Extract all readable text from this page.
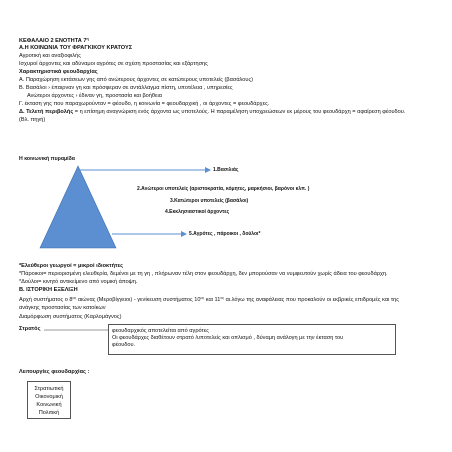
ΚΕΦΑΛΑΙΟ 2 ΕΝΟΤΗΤΑ $7^\eta$
Α.Η ΚΟΙΝΩΝΙΑ ΤΟΥ ΦΡΑΓΚΙΚΟΥ ΚΡΑΤΟΥΣ
Αγροτική και αναξιοφιλής
Ισχυροί άρχοντες και αδύναμοι αγρότες σε σχέση προστασίας και εξάρτησης
Χαρακτηριστικά φεουδαρχίας
Α. Παραχώρηση εκτάσεων γης από ανώτερους άρχοντες σε κατώτερους υποτελείς (βασάλους)
Β. Βασάλοι › έπαιρναν γη και πρόσφεραν σε αντάλλαγμα πίστη, υποτέλεια , υπηρεσίες
Ανώτεροι άρχοντες › έδιναν γη, προστασία και βοήθεια
Γ. έκταση γης που παραχωρούνταν = φέουδο, η κοινωνία = φεουδαρχική , οι άρχοντες = φεουδάρχες.
Δ. Τελετή περιβολής = η επίσημη αναγνώριση ενός άρχοντα ως υποτελούς. Η παραμέληση υποχρεώσεων εκ μέρους του φεουδάρχη = αφαίρεση φέουδου.
(Βλ. πηγή)
Η κοινωνική πυραμίδα
1.Βασιλιάς
2.Ανώτεροι υποτελείς (αριστοκρατία, κόμητες, μαρκήσιοι, βαρόνοι κλπ. )
3.Κατώτεροι υποτελείς (βασάλοι)
4.Εκκλησιαστικοί άρχοντες
5.Αγρότες , πάροικοι , δούλοι*
*Ελεύθεροι γεωργοί = μικροί ιδιοκτήτες
*Πάροικοι= περιορισμένη ελευθερία, δεμένοι με τη γη , πλήρωναν τέλη στον φεουδάρχη, δεν μπορούσαν να νυμφευτούν χωρίς άδεια του φεουδάρχη.
*Δούλοι= κινητό αντικείμενο από νομική άποψη.
Β. ΙΣΤΟΡΙΚΗ ΕΞΕΛΙΞΗ
Αρχή συστήματος ο $8^{o\varsigma}$ αιώνας (Μεροβίγγειοι) - γενίκευση συστήματος $10^{o\varsigma}$ και $11^{o\varsigma}$ αι.λόγω της αναφάλειας που προκαλούν οι εκβρικές επιδρομές και της
ανάγκης προστασίας των κατοίκων
Διαμόρφωση συστήματος (Καρλομάγνος)
Στρατός	φεουδαρχικός αποτελείται από αγρότες
Οι φεουδάρχες διαθέτουν στρατό /υποτελείς και οπλισμό , δύναμη ανάλογη με την έκταση του
φέουδου.
Λειτουργίες φεουδαρχίας :
Στρατιωτική
Οικονομική
Κοινωνική
Πολιτική
